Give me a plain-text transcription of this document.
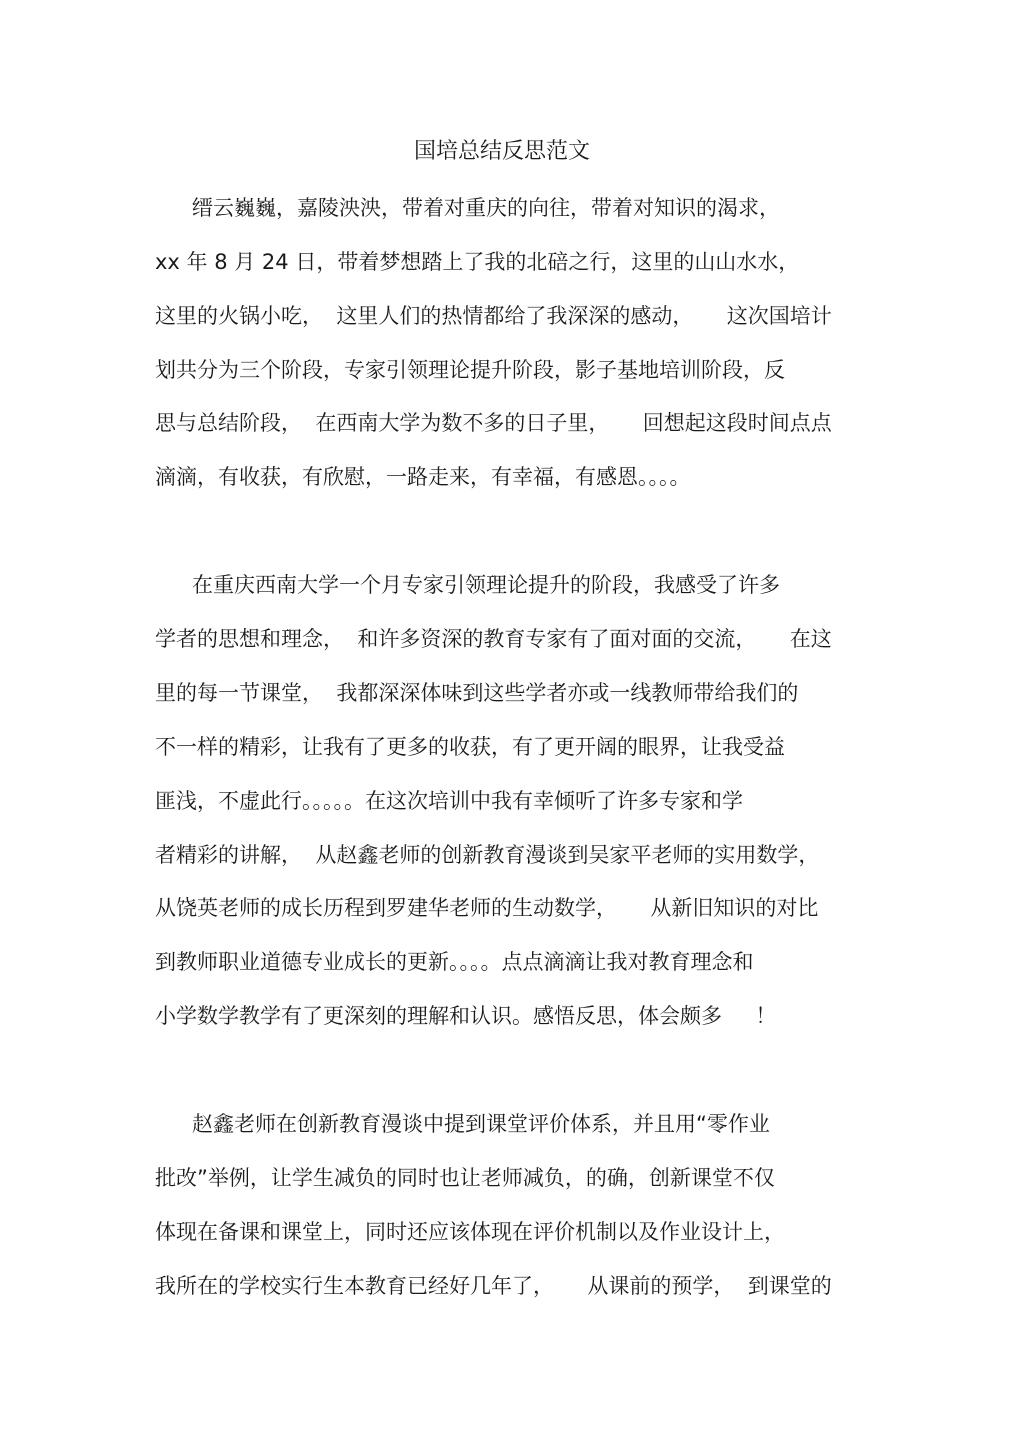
国培总结反思范文
缙云巍巍，嘉陵泱泱，带着对重庆的向往，带着对知识的渴求，
xx 年 8 月 24 日，带着梦想踏上了我的北碚之行，这里的山山水水，
这里的火锅小吃，  这里人们的热情都给了我深深的感动，     这次国培计
划共分为三个阶段，专家引领理论提升阶段，影子基地培训阶段，反
思与总结阶段，  在西南大学为数不多的日子里，     回想起这段时间点点
滴滴，有收获，有欣慰，一路走来，有幸福，有感恩。。。。
在重庆西南大学一个月专家引领理论提升的阶段，我感受了许多
学者的思想和理念，  和许多资深的教育专家有了面对面的交流，     在这
里的每一节课堂，  我都深深体味到这些学者亦或一线教师带给我们的
不一样的精彩，让我有了更多的收获，有了更开阔的眼界，让我受益
匪浅，不虚此行。。。。。在这次培训中我有幸倾听了许多专家和学
者精彩的讲解，  从赵鑫老师的创新教育漫谈到吴家平老师的实用数学，
从饶英老师的成长历程到罗建华老师的生动数学，     从新旧知识的对比
到教师职业道德专业成长的更新。。。。点点滴滴让我对教育理念和
小学数学教学有了更深刻的理解和认识。感悟反思，体会颇多     ！
赵鑫老师在创新教育漫谈中提到课堂评价体系，并且用“零作业
批改”举例，让学生减负的同时也让老师减负，的确，创新课堂不仅
体现在备课和课堂上，同时还应该体现在评价机制以及作业设计上，
我所在的学校实行生本教育已经好几年了，     从课前的预学，  到课堂的
